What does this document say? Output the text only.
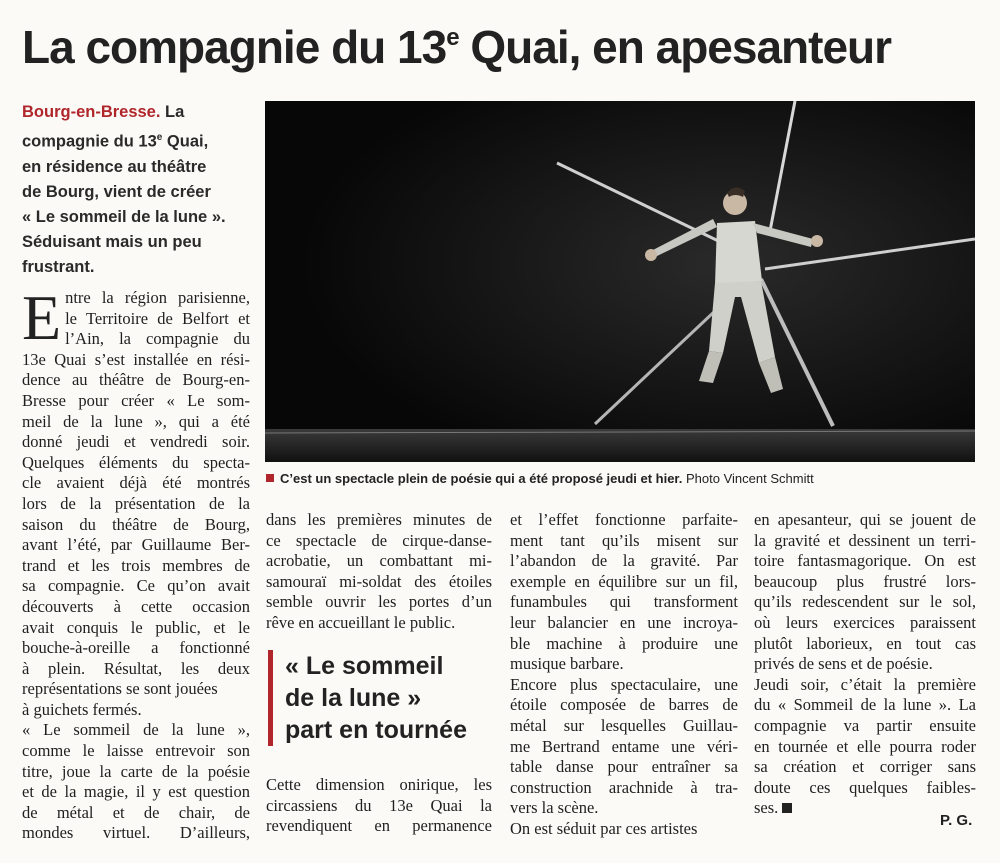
La compagnie du 13e Quai, en apesanteur
Bourg-en-Bresse. La
compagnie du 13e Quai,
en résidence au théâtre
de Bourg, vient de créer
« Le sommeil de la lune ».
Séduisant mais un peu
frustrant.
E ntre la région parisienne,
le Territoire de Belfort et
l’Ain, la compagnie du
13e Quai s’est installée en rési-
dence au théâtre de Bourg-en-
Bresse pour créer « Le som-
meil de la lune », qui a été
donné jeudi et vendredi soir.
Quelques éléments du specta-
cle avaient déjà été montrés
lors de la présentation de la
saison du théâtre de Bourg,
avant l’été, par Guillaume Ber-
trand et les trois membres de
sa compagnie. Ce qu’on avait
découverts à cette occasion
avait conquis le public, et le
bouche-à-oreille a fonctionné
à plein. Résultat, les deux
représentations se sont jouées
à guichets fermés.
« Le sommeil de la lune »,
comme le laisse entrevoir son
titre, joue la carte de la poésie
et de la magie, il y est question
de métal et de chair, de
mondes virtuel. D’ailleurs,
C’est un spectacle plein de poésie qui a été proposé jeudi et hier. Photo Vincent Schmitt
dans les premières minutes de
ce spectacle de cirque-danse-
acrobatie, un combattant mi-
samouraï mi-soldat des étoiles
semble ouvrir les portes d’un
rêve en accueillant le public.
« Le sommeil
de la lune »
part en tournée
Cette dimension onirique, les
circassiens du 13e Quai la
revendiquent en permanence
et l’effet fonctionne parfaite-
ment tant qu’ils misent sur
l’abandon de la gravité. Par
exemple en équilibre sur un fil,
funambules qui transforment
leur balancier en une incroya-
ble machine à produire une
musique barbare.
Encore plus spectaculaire, une
étoile composée de barres de
métal sur lesquelles Guillau-
me Bertrand entame une véri-
table danse pour entraîner sa
construction arachnide à tra-
vers la scène.
On est séduit par ces artistes
en apesanteur, qui se jouent de
la gravité et dessinent un terri-
toire fantasmagorique. On est
beaucoup plus frustré lors-
qu’ils redescendent sur le sol,
où leurs exercices paraissent
plutôt laborieux, en tout cas
privés de sens et de poésie.
Jeudi soir, c’était la première
du « Sommeil de la lune ». La
compagnie va partir ensuite
en tournée et elle pourra roder
sa création et corriger sans
doute ces quelques faibles-
ses.
P. G.
